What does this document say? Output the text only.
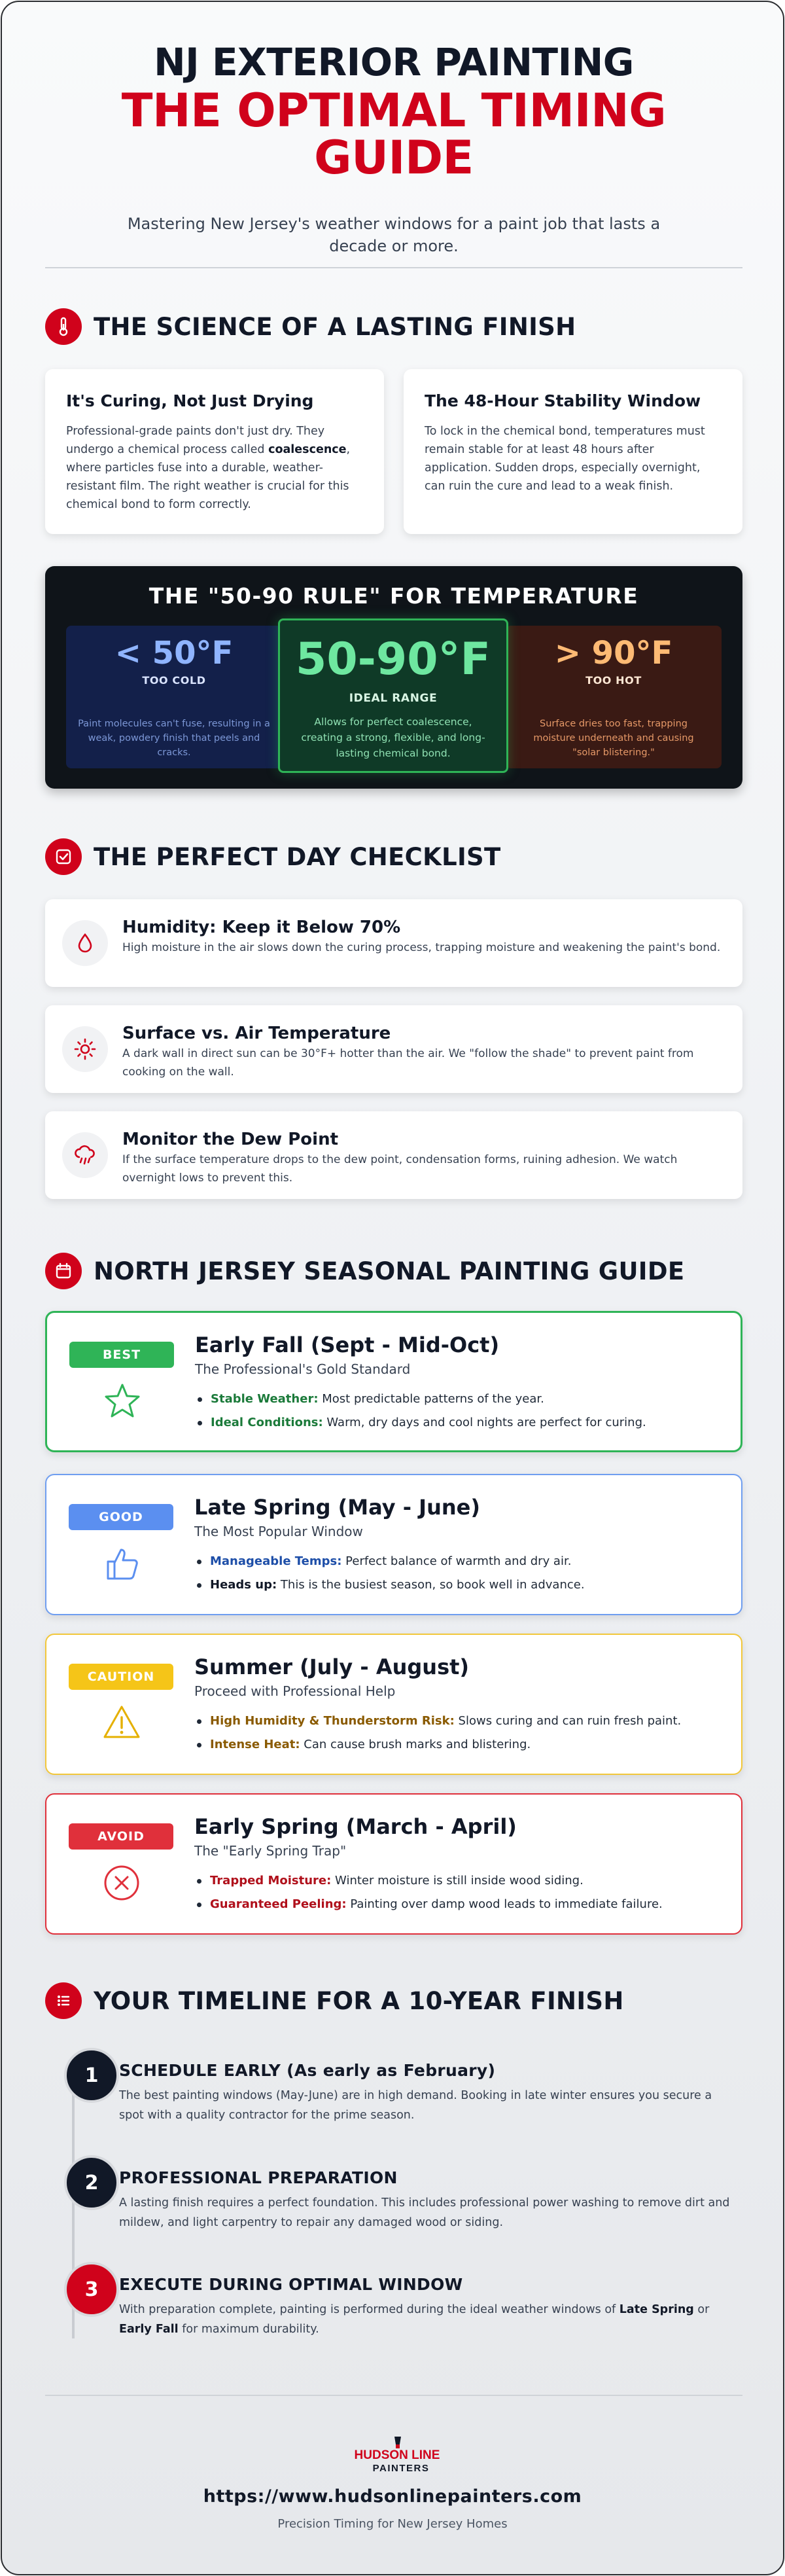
NJ EXTERIOR PAINTING
THE OPTIMAL TIMING
GUIDE
Mastering New Jersey's weather windows for a paint job that lasts a decade or more.
THE SCIENCE OF A LASTING FINISH
It's Curing, Not Just Drying

Professional-grade paints don't just dry. They undergo a chemical process called coalescence, where particles fuse into a durable, weather-resistant film. The right weather is crucial for this chemical bond to form correctly.

The 48-Hour Stability Window

To lock in the chemical bond, temperatures must remain stable for at least 48 hours after application. Sudden drops, especially overnight, can ruin the cure and lead to a weak finish.

THE "50-90 RULE" FOR TEMPERATURE
< 50°F
TOO COLD
Paint molecules can't fuse, resulting in a weak, powdery finish that peels and cracks.
> 90°F
TOO HOT
Surface dries too fast, trapping moisture underneath and causing "solar blistering."
50-90°F
IDEAL RANGE
Allows for perfect coalescence, creating a strong, flexible, and long-lasting chemical bond.
THE PERFECT DAY CHECKLIST
Humidity: Keep it Below 70%

High moisture in the air slows down the curing process, trapping moisture and weakening the paint's bond.

Surface vs. Air Temperature

A dark wall in direct sun can be 30°F+ hotter than the air. We "follow the shade" to prevent paint from cooking on the wall.

Monitor the Dew Point

If the surface temperature drops to the dew point, condensation forms, ruining adhesion. We watch overnight lows to prevent this.

NORTH JERSEY SEASONAL PAINTING GUIDE
BEST	Early Fall (Sept - Mid-Oct)
The Professional's Gold Standard
Stable Weather: Most predictable patterns of the year.
Ideal Conditions: Warm, dry days and cool nights are perfect for curing.
GOOD	Late Spring (May - June)
The Most Popular Window
Manageable Temps: Perfect balance of warmth and dry air.
Heads up: This is the busiest season, so book well in advance.
CAUTION	Summer (July - August)
Proceed with Professional Help
High Humidity & Thunderstorm Risk: Slows curing and can ruin fresh paint.
Intense Heat: Can cause brush marks and blistering.
AVOID	Early Spring (March - April)
The "Early Spring Trap"
Trapped Moisture: Winter moisture is still inside wood siding.
Guaranteed Peeling: Painting over damp wood leads to immediate failure.
YOUR TIMELINE FOR A 10-YEAR FINISH
1	SCHEDULE EARLY (As early as February)

The best painting windows (May-June) are in high demand. Booking in late winter ensures you secure a spot with a quality contractor for the prime season.

2	PROFESSIONAL PREPARATION

A lasting finish requires a perfect foundation. This includes professional power washing to remove dirt and mildew, and light carpentry to repair any damaged wood or siding.

3	EXECUTE DURING OPTIMAL WINDOW

With preparation complete, painting is performed during the ideal weather windows of Late Spring or Early Fall for maximum durability.

HUDSON LINE
PAINTERS
https://www.hudsonlinepainters.com
Precision Timing for New Jersey Homes
